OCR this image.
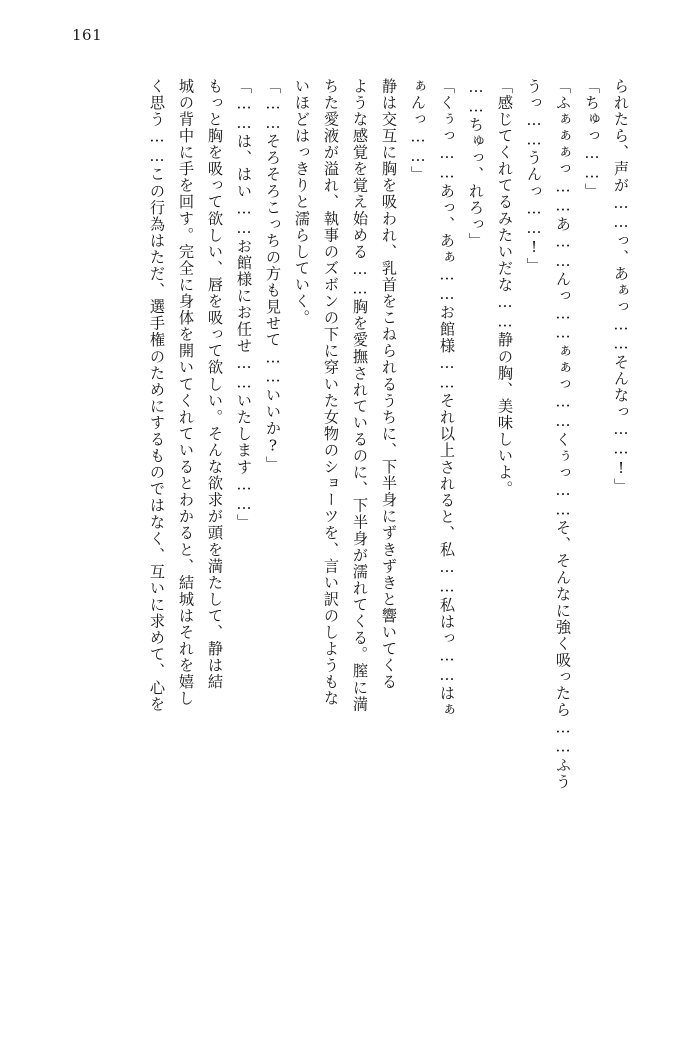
161
られたら、声が……っ、あぁっ……そんなっ……!」
「ちゅっ……」
「ふぁぁぁっ……あ……んっ……ぁぁっ……くぅっ……そ、そんなに強く吸ったら……ふう
うっ……うんっ……!」
「感じてくれてるみたいだな……静の胸、美味しいよ。
……ちゅっ、れろっ」
「くぅっ……あっ、あぁ……お館様……それ以上されると、私……私はっ……はぁ
ぁんっ……」
静は交互に胸を吸われ、乳首をこねられるうちに、下半身にずきずきと響いてくる
ような感覚を覚え始める……胸を愛撫されているのに、下半身が濡れてくる。膣に満
ちた愛液が溢れ、執事のズボンの下に穿いた女物のショーツを、言い訳のしようもな
いほどはっきりと濡らしていく。
「……そろそろこっちの方も見せて……いいか?」
「……は、はい……お館様にお任せ……いたします……」
もっと胸を吸って欲しい、唇を吸って欲しい。そんな欲求が頭を満たして、静は結
城の背中に手を回す。完全に身体を開いてくれているとわかると、結城はそれを嬉し
く思う……この行為はただ、選手権のためにするものではなく、互いに求めて、心を
